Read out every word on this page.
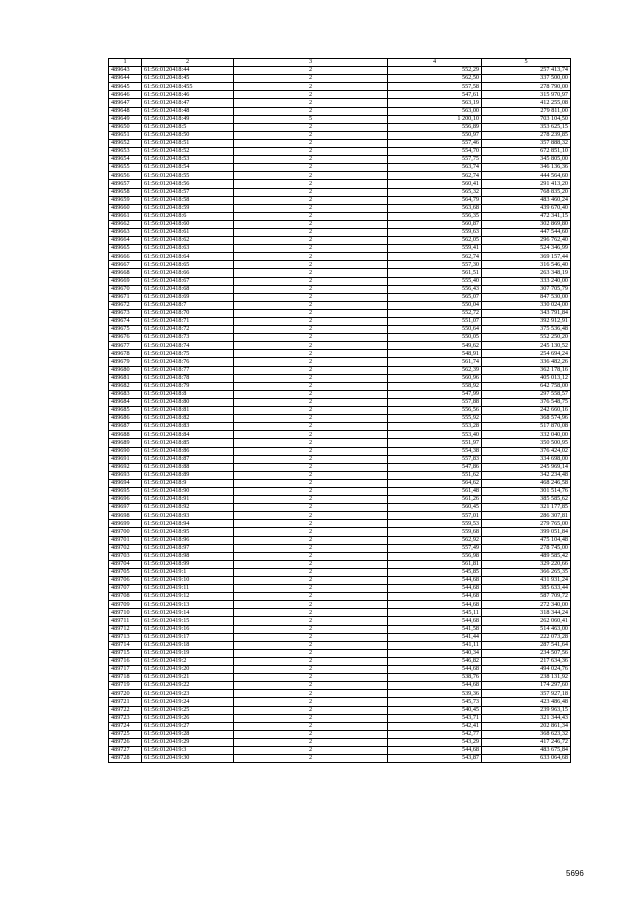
1	2	3	4	5
489643	61:56:0120418:44	2	552,29	257 413,74
489644	61:56:0120418:45	2	562,50	337 500,00
489645	61:56:0120418:455	2	557,58	278 790,00
489646	61:56:0120418:46	2	547,61	315 970,97
489647	61:56:0120418:47	2	563,19	412 255,08
489648	61:56:0120418:48	2	563,00	279 811,00
489649	61:56:0120418:49	5	1 200,10	703 104,50
489650	61:56:0120418:5	2	556,89	353 625,15
489651	61:56:0120418:50	2	550,97	278 239,85
489652	61:56:0120418:51	2	557,46	357 888,32
489653	61:56:0120418:52	2	554,70	672 851,10
489654	61:56:0120418:53	2	557,75	345 805,00
489655	61:56:0120418:54	2	563,74	346 136,36
489656	61:56:0120418:55	2	562,74	444 564,60
489657	61:56:0120418:56	2	560,41	291 413,20
489658	61:56:0120418:57	2	565,32	768 835,20
489659	61:56:0120418:58	2	564,79	483 460,24
489660	61:56:0120418:59	2	563,68	439 670,40
489661	61:56:0120418:6	2	556,35	472 341,15
489662	61:56:0120418:60	2	560,87	302 869,80
489663	61:56:0120418:61	2	559,63	447 544,60
489664	61:56:0120418:62	2	562,05	296 762,40
489665	61:56:0120418:63	2	559,41	524 346,99
489666	61:56:0120418:64	2	562,74	369 157,44
489667	61:56:0120418:65	2	557,30	316 546,40
489668	61:56:0120418:66	2	561,51	263 348,19
489669	61:56:0120418:67	2	555,40	333 240,00
489670	61:56:0120418:68	2	556,43	307 705,79
489671	61:56:0120418:69	2	565,07	847 530,00
489672	61:56:0120418:7	2	550,04	330 024,00
489673	61:56:0120418:70	2	552,72	343 791,84
489674	61:56:0120418:71	2	551,07	392 912,91
489675	61:56:0120418:72	2	550,64	375 536,48
489676	61:56:0120418:73	2	550,05	552 250,20
489677	61:56:0120418:74	2	549,62	245 130,52
489678	61:56:0120418:75	2	548,91	254 694,24
489679	61:56:0120418:76	2	561,74	336 482,26
489680	61:56:0120418:77	2	562,39	362 178,16
489681	61:56:0120418:78	2	560,96	405 013,12
489682	61:56:0120418:79	2	558,92	642 758,00
489683	61:56:0120418:8	2	547,99	297 558,57
489684	61:56:0120418:80	2	557,88	376 548,75
489685	61:56:0120418:81	2	556,56	242 660,16
489686	61:56:0120418:82	2	555,92	368 574,96
489687	61:56:0120418:83	2	553,28	517 870,08
489688	61:56:0120418:84	2	553,40	332 040,00
489689	61:56:0120418:85	2	551,97	350 500,95
489690	61:56:0120418:86	2	554,38	376 424,02
489691	61:56:0120418:87	2	557,83	334 698,00
489692	61:56:0120418:88	2	547,86	245 969,14
489693	61:56:0120418:89	2	551,62	342 234,48
489694	61:56:0120418:9	2	564,62	468 246,58
489695	61:56:0120418:90	2	561,48	301 514,76
489696	61:56:0120418:91	2	561,26	385 585,62
489697	61:56:0120418:92	2	560,45	321 177,85
489698	61:56:0120418:93	2	557,01	286 307,81
489699	61:56:0120418:94	2	559,53	279 765,00
489700	61:56:0120418:95	2	559,68	399 051,84
489701	61:56:0120418:96	2	562,92	475 104,48
489702	61:56:0120418:97	2	557,49	278 745,00
489703	61:56:0120418:98	2	556,98	489 585,42
489704	61:56:0120418:99	2	561,81	329 220,66
489705	61:56:0120419:1	2	545,85	366 265,35
489706	61:56:0120419:10	2	544,68	431 931,24
489707	61:56:0120419:11	2	544,68	385 633,44
489708	61:56:0120419:12	2	544,68	587 709,72
489709	61:56:0120419:13	2	544,68	272 340,00
489710	61:56:0120419:14	2	545,11	318 344,24
489711	61:56:0120419:15	2	544,68	262 060,41
489712	61:56:0120419:16	2	541,58	514 463,00
489713	61:56:0120419:17	2	541,44	222 073,28
489714	61:56:0120419:18	2	541,11	287 541,64
489715	61:56:0120419:19	2	540,34	234 507,56
489716	61:56:0120419:2	2	546,82	217 634,36
489717	61:56:0120419:20	2	544,68	494 024,76
489718	61:56:0120419:21	2	538,76	238 131,92
489719	61:56:0120419:22	2	544,68	174 297,60
489720	61:56:0120419:23	2	539,36	357 927,18
489721	61:56:0120419:24	2	545,73	423 486,48
489722	61:56:0120419:25	2	540,45	239 963,15
489723	61:56:0120419:26	2	543,71	321 344,43
489724	61:56:0120419:27	2	542,41	202 861,34
489725	61:56:0120419:28	2	542,77	368 623,32
489726	61:56:0120419:29	2	543,29	417 246,72
489727	61:56:0120419:3	2	544,68	483 675,84
489728	61:56:0120419:30	2	543,87	633 064,68
5696
